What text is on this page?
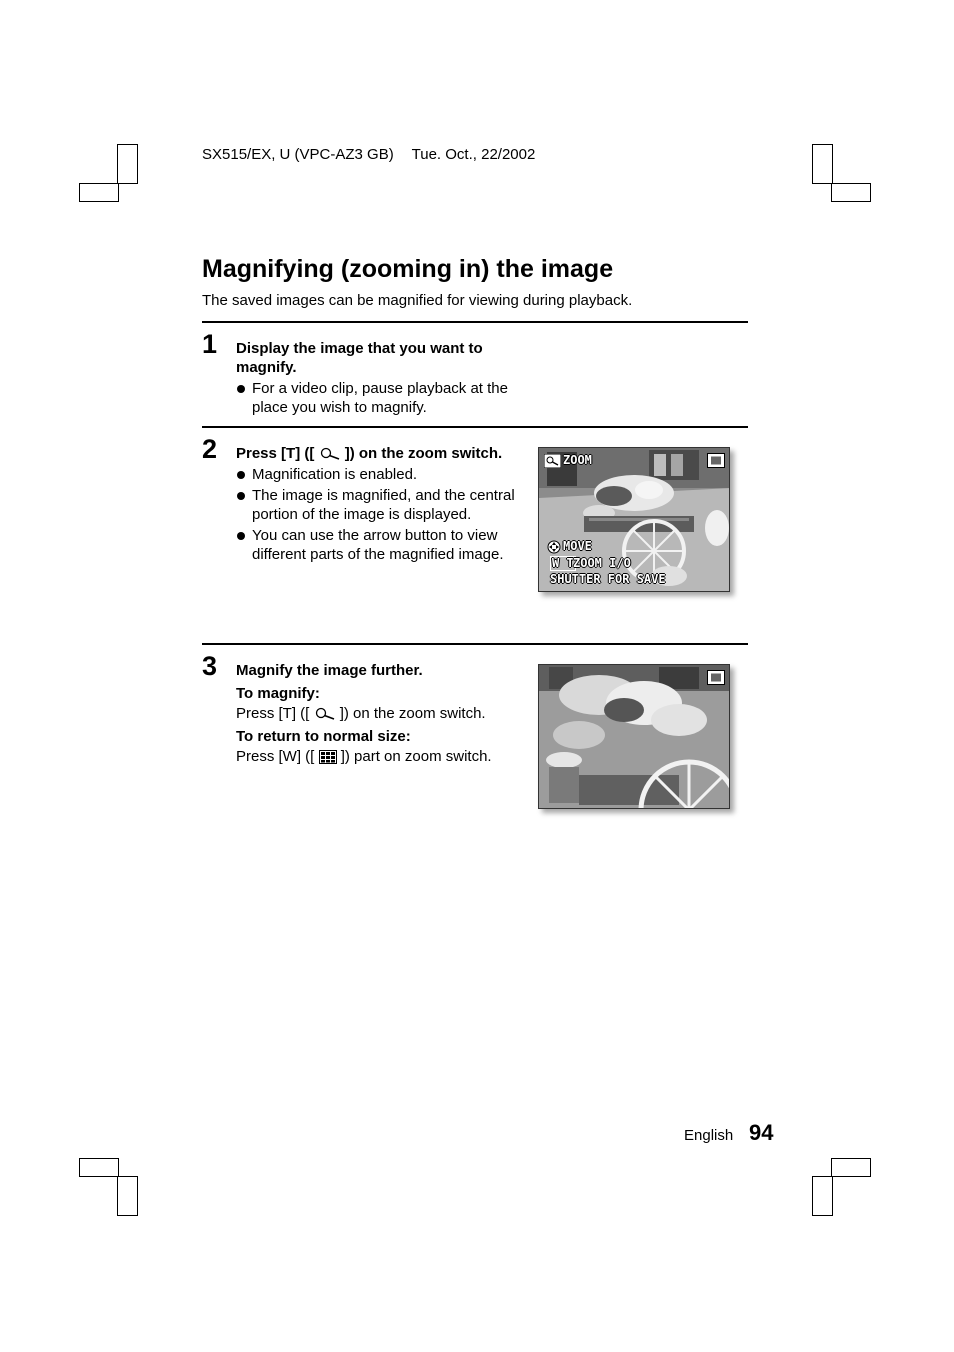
SX515/EX, U (VPC-AZ3 GB) Tue. Oct., 22/2002
Magnifying (zooming in) the image
The saved images can be magnified for viewing during playback.
1 Display the image that you want to magnify.
For a video clip, pause playback at the place you wish to magnify.
2 Press [T] ([ ]) on the zoom switch.
Magnification is enabled.
The image is magnified, and the central portion of the image is displayed.
You can use the arrow button to view different parts of the magnified image.
ZOOM
MOVE
W T ZOOM I/O
SHUTTER FOR SAVE
3 Magnify the image further.
To magnify:
Press [T] ([ ]) on the zoom switch.
To return to normal size:
Press [W] ([ ]) part on zoom switch.
English 94
